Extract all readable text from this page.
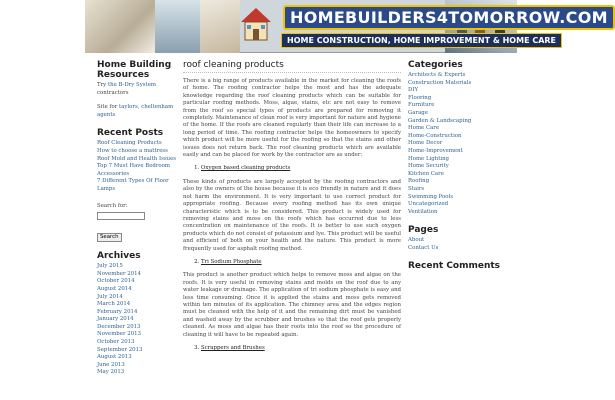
HOMEBUILDERS4TOMORROW.COM
HOME CONSTRUCTION, HOME IMPROVEMENT & HOME CARE
Home Building Resources
Try the B-Dry System contractors
Site for taylors, cheltenham agents
Recent Posts
Roof Cleaning Products
How to choose a mattress
Roof Mold and Health Issues
Top 7 Must Have Bedroom Accessories
7 Different Types Of Floor Lamps
Search for:
Search
Archives
July 2015
November 2014
October 2014
August 2014
July 2014
March 2014
February 2014
January 2014
December 2013
November 2013
October 2013
September 2013
August 2013
June 2013
May 2013
roof cleaning products

There is a big range of products available in the market for cleaning the roofs of home. The roofing contractor helps the most and has the adequate knowledge regarding the roof cleaning products which can be suitable for particular roofing methods. Moss, algae, stains, etc are not easy to remove from the roof so special types of products are prepared for removing it completely. Maintenance of clean roof is very important for nature and hygiene of the home. If the roofs are cleaned regularly than their life can increase to a long period of time. The roofing contractor helps the homeowners to specify which product will be more useful for the roofing so that the stains and other issues does not return back. The roof cleaning products which are available easily and can be placed for work by the contractor are as under:

1. Oxygen based cleaning products

These kinds of products are largely accepted by the roofing contractors and also by the owners of the house because it is eco friendly in nature and it does not harm the environment. It is very important to use correct product for appropriate roofing. Because every roofing method has its own unique characteristic which is to be considered. This product is widely used for removing stains and moss on the roofs which has occurred due to less concentration on maintenance of the roofs. It is better to use such oxygen products which do not consist of potassium and lye. This product will be useful and efficient of both on your health and the nature. This product is more frequently used for asphalt roofing method.

2. Tri Sodium Phosphate

This product is another product which helps to remove moss and algae on the roofs. It is very useful in removing stains and molds on the roof due to any water leakage or drainage. The application of tri sodium phosphate is easy and less time consuming. Once it is applied the stains and moss gets removed within ten minutes of its application. The chimney area and the edges region must be cleaned with the help of it and the remaining dirt must be vanished and washed away by the scrubber and brushes so that the roof gets properly cleaned. As moss and algae has their roots into the roof so the procedure of cleaning it will have to be repeated again.

3. Scrappers and Brushes
Categories
Architects & Experts
Construction Materials
DIY
Flooring
Furniture
Garage
Garden & Landscaping
Home Care
Home-Construction
Home Decor
Home-Improvement
Home Lighting
Home Security
Kitchen Care
Roofing
Stairs
Swimming Pools
Uncategorized
Ventilation
Pages
About
Contact Us
Recent Comments
